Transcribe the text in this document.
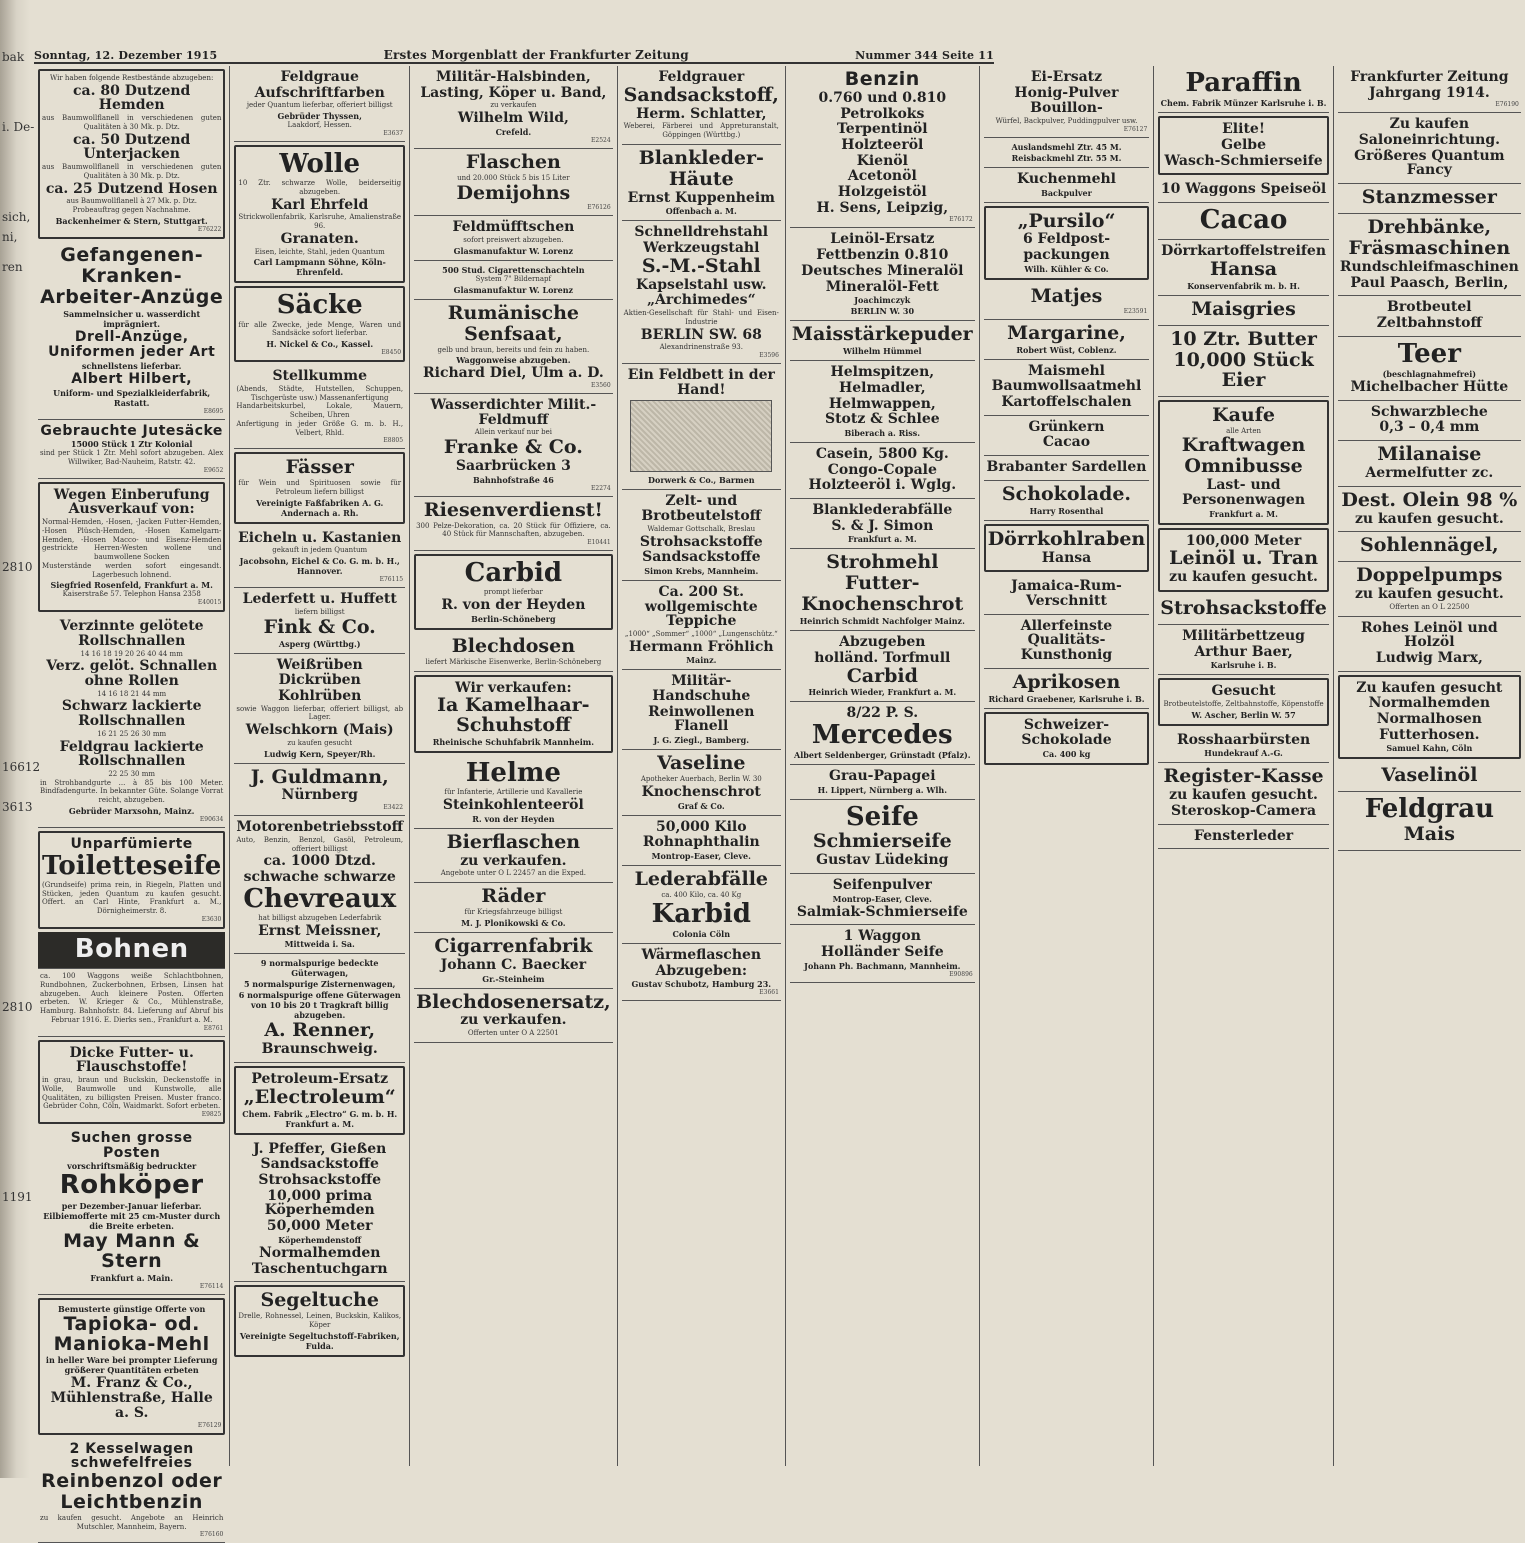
bak
i. De-
sich,
ni,
ren
2810
16612
3613
2810
1191
Sonntag, 12. Dezember 1915	Erstes Morgenblatt der Frankfurter Zeitung	Nummer 344 Seite 11
Wir haben folgende Restbestände abzugeben:
ca. 80 Dutzend Hemden
aus Baumwollflanell in verschiedenen guten Qualitäten à 30 Mk. p. Dtz.
ca. 50 Dutzend Unterjacken
aus Baumwollflanell in verschiedenen guten Qualitäten à 30 Mk. p. Dtz.
ca. 25 Dutzend Hosen
aus Baumwollflanell à 27 Mk. p. Dtz.
Probeauftrag gegen Nachnahme.
Backenheimer & Stern, Stuttgart.
E76222
Gefangenen-
Kranken-
Arbeiter-Anzüge
Sammelnsicher u. wasserdicht imprägniert.
Drell-Anzüge,
Uniformen jeder Art
schnellstens lieferbar.
Albert Hilbert,
Uniform- und Spezialkleiderfabrik, Rastatt.
E8695
Gebrauchte Jutesäcke
15000 Stück 1 Ztr Kolonial
sind per Stück 1 Ztr. Mehl sofort abzugeben. Alex Willwiker, Bad-Nauheim, Ratstr. 42.
E9652
Wegen Einberufung Ausverkauf von:
Normal-Hemden, -Hosen, -Jacken Futter-Hemden, -Hosen Plüsch-Hemden, -Hosen Kamelgarn-Hemden, -Hosen Macco- und Eisenz-Hemden gestrickte Herren-Westen wollene und baumwollene Socken
Musterstände werden sofort eingesandt. Lagerbesuch lohnend.
Siegfried Rosenfeld, Frankfurt a. M.
Kaiserstraße 57. Telephon Hansa 2358
E40015
Verzinnte gelötete Rollschnallen
14 16 18 19 20 26 40 44 mm
Verz. gelöt. Schnallen ohne Rollen
14 16 18 21 44 mm
Schwarz lackierte Rollschnallen
16 21 25 26 30 mm
Feldgrau lackierte Rollschnallen
22 25 30 mm
in Strohbandgurte ... à 85 bis 100 Meter. Bindfadengurte. In bekannter Güte. Solange Vorrat reicht, abzugeben.
Gebrüder Marxsohn, Mainz.
E90634
Unparfümierte
Toiletteseife
(Grundseife) prima rein, in Riegeln, Platten und Stücken, jeden Quantum zu kaufen gesucht. Offert. an Carl Hinte, Frankfurt a. M., Dörnigheimerstr. 8.
E3630
Bohnen
ca. 100 Waggons weiße Schlachtbohnen, Rundbohnen, Zuckerbohnen, Erbsen, Linsen hat abzugeben. Auch kleinere Posten. Offerten erbeten. W. Krieger & Co., Mühlenstraße, Hamburg. Bahnhofstr. 84. Lieferung auf Abruf bis Februar 1916. E. Dierks sen., Frankfurt a. M.
E8761
Dicke Futter- u. Flauschstoffe!
in grau, braun und Buckskin, Deckenstoffe in Wolle, Baumwolle und Kunstwolle, alle Qualitäten, zu billigsten Preisen. Muster franco. Gebrüder Cohn, Cöln, Waidmarkt. Sofort erbeten.
E9825
Suchen grosse Posten
vorschriftsmäßig bedruckter
Rohköper
per Dezember-Januar lieferbar. Eilbiemofferte mit 25 cm-Muster durch die Breite erbeten.
May Mann & Stern
Frankfurt a. Main.
E76114
Bemusterte günstige Offerte von
Tapioka- od. Manioka-Mehl
in heller Ware bei prompter Lieferung größerer Quantitäten erbeten
M. Franz & Co., Mühlenstraße, Halle a. S.
E76129
2 Kesselwagen schwefelfreies
Reinbenzol oder
Leichtbenzin
zu kaufen gesucht. Angebote an Heinrich Mutschler, Mannheim, Bayern.
E76160
Feldgraue
Aufschriftfarben
jeder Quantum lieferbar, offeriert billigst
Gebrüder Thyssen,
Laakdorf, Hessen.
E3637
Wolle
10 Ztr. schwarze Wolle, beiderseitig abzugeben.
Karl Ehrfeld
Strickwollenfabrik, Karlsruhe, Amalienstraße 96.
Granaten.
Eisen, leichte, Stahl, jeden Quantum
Carl Lampmann Söhne, Köln-Ehrenfeld.
Säcke
für alle Zwecke, jede Menge, Waren und Sandsäcke sofort lieferbar.
H. Nickel & Co., Kassel.
E8450
Stellkumme
(Abends, Städte, Hutstellen, Schuppen, Tischgerüste usw.) Massenanfertigung
Handarbeitskurbel, Lokale, Mauern, Scheiben, Uhren
Anfertigung in jeder Größe G. m. b. H., Velbert, Rhld.
E8805
Fässer
für Wein und Spirituosen sowie für Petroleum liefern billigst
Vereinigte Faßfabriken A. G. Andernach a. Rh.
Eicheln u. Kastanien
gekauft in jedem Quantum
Jacobsohn, Eichel & Co. G. m. b. H., Hannover.
E76115
Lederfett u. Huffett
liefern billigst
Fink & Co.
Asperg (Württbg.)
Weißrüben
Dickrüben
Kohlrüben
sowie Waggon lieferbar, offeriert billigst, ab Lager.
Welschkorn (Mais)
zu kaufen gesucht
Ludwig Kern, Speyer/Rh.
J. Guldmann,
Nürnberg
E3422
Motorenbetriebsstoff
Auto, Benzin, Benzol, Gasöl, Petroleum, offeriert billigst
ca. 1000 Dtzd.
schwache schwarze
Chevreaux
hat billigst abzugeben Lederfabrik
Ernst Meissner,
Mittweida i. Sa.
9 normalspurige bedeckte Güterwagen,
5 normalspurige Zisternenwagen,
6 normalspurige offene Güterwagen von 10 bis 20 t Tragkraft billig abzugeben.
A. Renner,
Braunschweig.
Petroleum-Ersatz
„Electroleum“
Chem. Fabrik „Electro“ G. m. b. H. Frankfurt a. M.
J. Pfeffer, Gießen
Sandsackstoffe
Strohsackstoffe
10,000 prima Köperhemden
50,000 Meter
Köperhemdenstoff
Normalhemden
Taschentuchgarn
Segeltuche
Drelle, Rohnessel, Leinen, Buckskin, Kalikos, Köper
Vereinigte Segeltuchstoff-Fabriken, Fulda.
Militär-Halsbinden,
Lasting, Köper u. Band,
zu verkaufen
Wilhelm Wild,
Crefeld.
E2524
Flaschen
und 20.000 Stück 5 bis 15 Liter
Demijohns
E76126
Feldmüfftschen
sofort preiswert abzugeben.
Glasmanufaktur W. Lorenz
500 Stud. Cigarettenschachteln
System 7" Bildernapf
Glasmanufaktur W. Lorenz
Rumänische
Senfsaat,
gelb und braun, bereits und fein zu haben.
Waggonweise abzugeben.
Richard Diel, Ulm a. D.
E3560
Wasserdichter Milit.-Feldmuff
Allein verkauf nur bei
Franke & Co.
Saarbrücken 3
Bahnhofstraße 46
E2274
Riesenverdienst!
300 Pelze-Dekoration, ca. 20 Stück für Offiziere, ca. 40 Stück für Mannschaften, abzugeben.
E10441
Carbid
prompt lieferbar
R. von der Heyden
Berlin-Schöneberg
Blechdosen
liefert Märkische Eisenwerke, Berlin-Schöneberg
Wir verkaufen:
Ia Kamelhaar-Schuhstoff
Rheinische Schuhfabrik Mannheim.
Helme
für Infanterie, Artillerie und Kavallerie
Steinkohlenteeröl
R. von der Heyden
Bierflaschen
zu verkaufen.
Angebote unter O L 22457 an die Exped.
Räder
für Kriegsfahrzeuge billigst
M. J. Plonikowski & Co.
Cigarrenfabrik
Johann C. Baecker
Gr.-Steinheim
Blechdosenersatz,
zu verkaufen.
Offerten unter O A 22501
Feldgrauer
Sandsackstoff,
Herm. Schlatter,
Weberei, Färberei und Appreturanstalt, Göppingen (Württbg.)
Blankleder-
Häute
Ernst Kuppenheim
Offenbach a. M.
Schnelldrehstahl
Werkzeugstahl
S.-M.-Stahl
Kapselstahl usw.
„Archimedes“
Aktien-Gesellschaft für Stahl- und Eisen-Industrie
BERLIN SW. 68
Alexandrinenstraße 93.
E3596
Ein Feldbett in der Hand!
Dorwerk & Co., Barmen
Zelt- und Brotbeutelstoff
Waldemar Gottschalk, Breslau
Strohsackstoffe
Sandsackstoffe
Simon Krebs, Mannheim.
Ca. 200 St. wollgemischte Teppiche
„1000“ „Sommer“ „1000“ „Lungenschütz.“
Hermann Fröhlich
Mainz.
Militär-Handschuhe
Reinwollenen Flanell
J. G. Ziegl., Bamberg.
Vaseline
Apotheker Auerbach, Berlin W. 30
Knochenschrot
Graf & Co.
50,000 Kilo
Rohnaphthalin
Montrop-Easer, Cleve.
Lederabfälle
ca. 400 Kilo, ca. 40 Kg
Karbid
Colonia Cöln
Wärmeflaschen
Abzugeben:
Gustav Schubotz, Hamburg 23.
E3661
Benzin
0.760 und 0.810
Petrolkoks
Terpentinöl
Holzteeröl
Kienöl
Acetonöl
Holzgeistöl
H. Sens, Leipzig,
E76172
Leinöl-Ersatz
Fettbenzin 0.810
Deutsches Mineralöl
Mineralöl-Fett
Joachimczyk
BERLIN W. 30
Maisstärkepuder
Wilhelm Hümmel
Helmspitzen,
Helmadler,
Helmwappen,
Stotz & Schlee
Biberach a. Riss.
Casein, 5800 Kg.
Congo-Copale
Holzteeröl i. Wglg.
Blanklederabfälle
S. & J. Simon
Frankfurt a. M.
Strohmehl
Futter-
Knochenschrot
Heinrich Schmidt Nachfolger Mainz.
Abzugeben
holländ. Torfmull
Carbid
Heinrich Wieder, Frankfurt a. M.
8/22 P. S.
Mercedes
Albert Seldenberger, Grünstadt (Pfalz).
Grau-Papagei
H. Lippert, Nürnberg a. Wlh.
Seife
Schmierseife
Gustav Lüdeking
Seifenpulver
Montrop-Easer, Cleve.
Salmiak-Schmierseife
1 Waggon
Holländer Seife
Johann Ph. Bachmann, Mannheim.
E90896
Ei-Ersatz
Honig-Pulver
Bouillon-
Würfel, Backpulver, Puddingpulver usw.
E76127
Auslandsmehl Ztr. 45 M.
Reisbackmehl Ztr. 55 M.
Kuchenmehl
Backpulver
„Pursilo“
6 Feldpost-
packungen
Wilh. Kühler & Co.
Matjes
E23591
Margarine,
Robert Wüst, Coblenz.
Maismehl
Baumwollsaatmehl
Kartoffelschalen
Grünkern
Cacao
Brabanter Sardellen
Schokolade.
Harry Rosenthal
Dörrkohlraben
Hansa
Jamaica-Rum-Verschnitt
Allerfeinste Qualitäts-Kunsthonig
Aprikosen
Richard Graebener, Karlsruhe i. B.
Schweizer-
Schokolade
Ca. 400 kg
Paraffin
Chem. Fabrik Münzer Karlsruhe i. B.
Elite!
Gelbe
Wasch-Schmierseife
10 Waggons Speiseöl
Cacao
Dörrkartoffelstreifen
Hansa
Konservenfabrik m. b. H.
Maisgries
10 Ztr. Butter
10,000 Stück Eier
Kaufe
alle Arten
Kraftwagen
Omnibusse
Last- und Personenwagen
Frankfurt a. M.
100,000 Meter
Leinöl u. Tran
zu kaufen gesucht.
Strohsackstoffe
Militärbettzeug
Arthur Baer,
Karlsruhe i. B.
Gesucht
Brotbeutelstoffe, Zeltbahnstoffe, Köpenstoffe
W. Ascher, Berlin W. 57
Rosshaarbürsten
Hundekrauf A.-G.
Register-Kasse
zu kaufen gesucht.
Steroskop-Camera
Fensterleder
Frankfurter Zeitung
Jahrgang 1914.
E76190
Zu kaufen
Saloneinrichtung.
Größeres Quantum Fancy
Stanzmesser
Drehbänke,
Fräsmaschinen
Rundschleifmaschinen
Paul Paasch, Berlin,
Brotbeutel
Zeltbahnstoff
Teer
(beschlagnahmefrei)
Michelbacher Hütte
Schwarzbleche
0,3 – 0,4 mm
Milanaise
Aermelfutter zc.
Dest. Olein 98 %
zu kaufen gesucht.
Sohlennägel,
Doppelpumps
zu kaufen gesucht.
Offerten an O L 22500
Rohes Leinöl und Holzöl
Ludwig Marx,
Zu kaufen gesucht
Normalhemden
Normalhosen
Futterhosen.
Samuel Kahn, Cöln
Vaselinöl
Feldgrau
Mais
